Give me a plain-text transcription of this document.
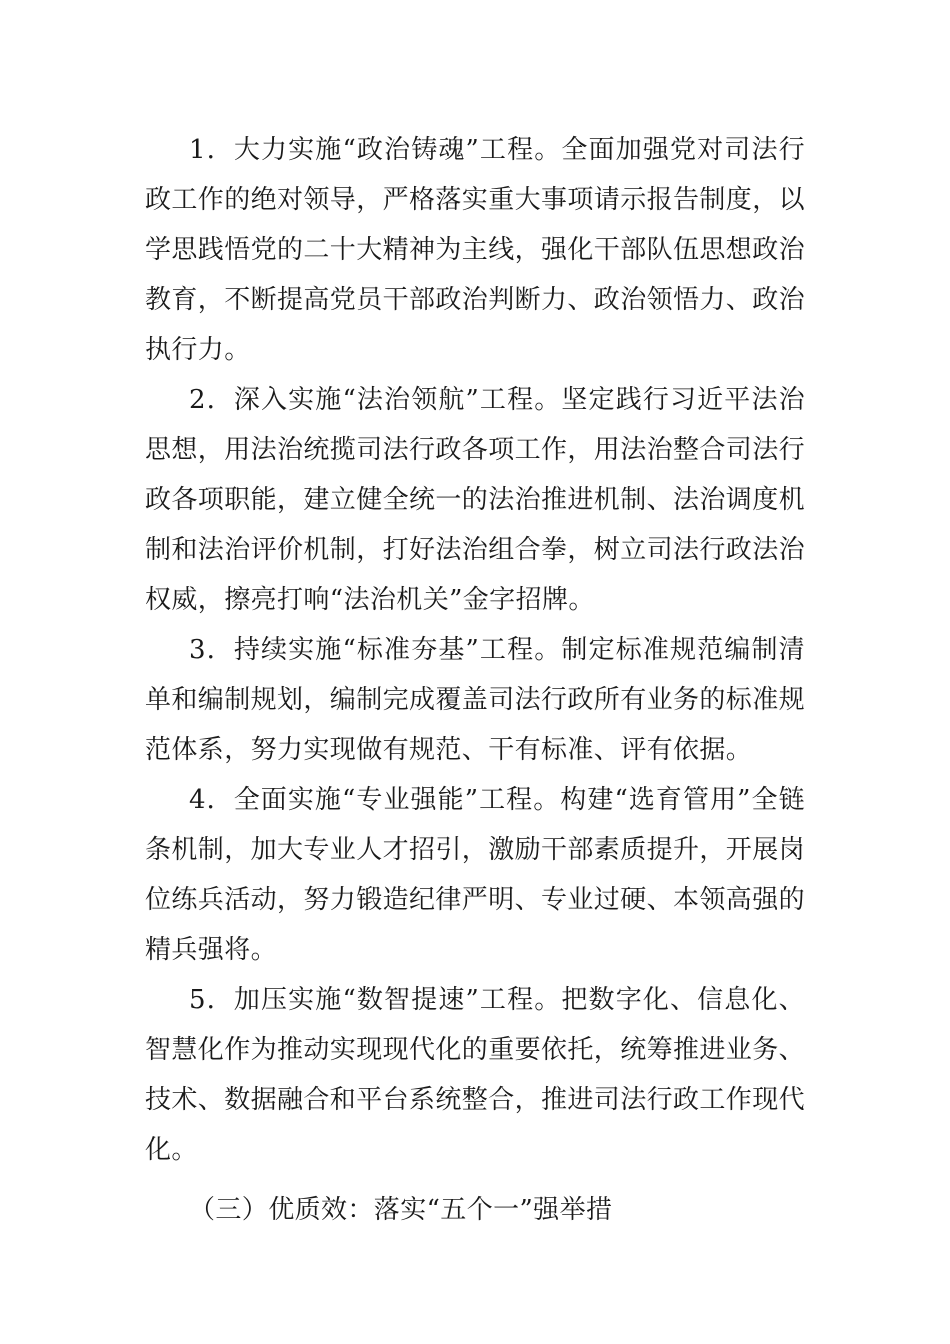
1．大力实施“政治铸魂”工程。全面加强党对司法行政工作的绝对领导，严格落实重大事项请示报告制度，以学思践悟党的二十大精神为主线，强化干部队伍思想政治教育，不断提高党员干部政治判断力、政治领悟力、政治执行力。

2．深入实施“法治领航”工程。坚定践行习近平法治思想，用法治统揽司法行政各项工作，用法治整合司法行政各项职能，建立健全统一的法治推进机制、法治调度机制和法治评价机制，打好法治组合拳，树立司法行政法治权威，擦亮打响“法治机关”金字招牌。

3．持续实施“标准夯基”工程。制定标准规范编制清单和编制规划，编制完成覆盖司法行政所有业务的标准规范体系，努力实现做有规范、干有标准、评有依据。

4．全面实施“专业强能”工程。构建“选育管用”全链条机制，加大专业人才招引，激励干部素质提升，开展岗位练兵活动，努力锻造纪律严明、专业过硬、本领高强的精兵强将。

5．加压实施“数智提速”工程。把数字化、信息化、智慧化作为推动实现现代化的重要依托，统筹推进业务、技术、数据融合和平台系统整合，推进司法行政工作现代化。

（三）优质效：落实“五个一”强举措
